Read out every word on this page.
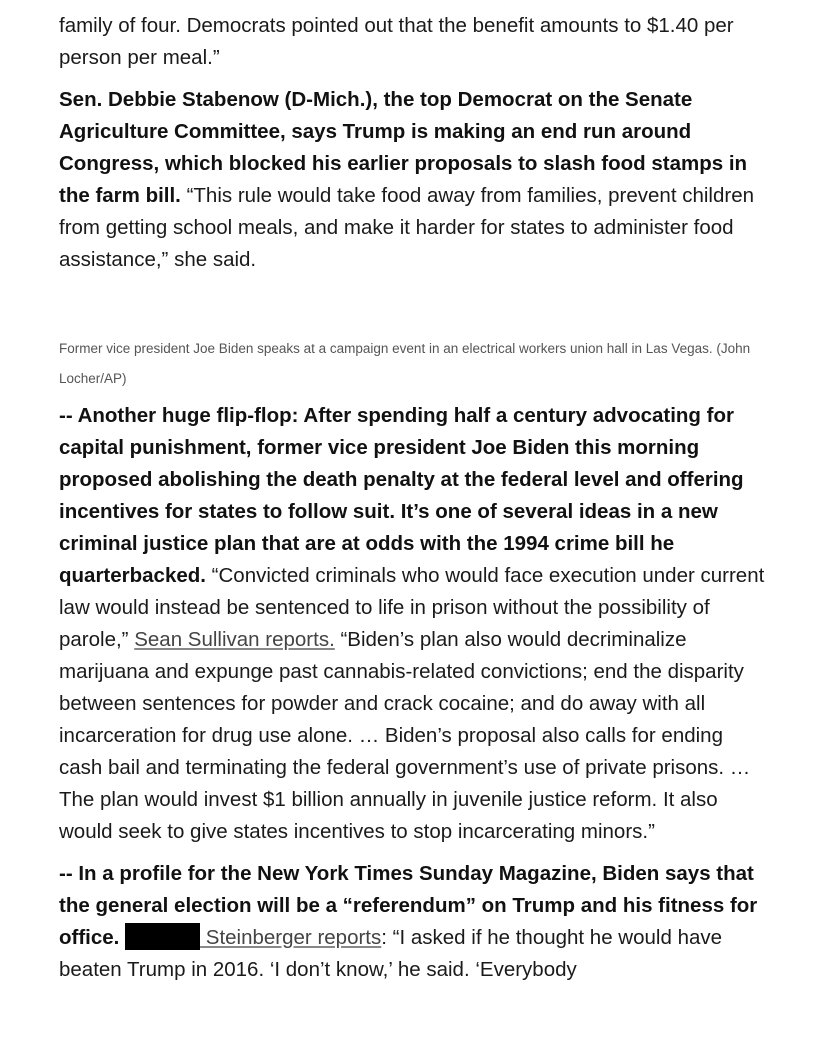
family of four. Democrats pointed out that the benefit amounts to $1.40 per person per meal.”

Sen. Debbie Stabenow (D-Mich.), the top Democrat on the Senate Agriculture Committee, says Trump is making an end run around Congress, which blocked his earlier proposals to slash food stamps in the farm bill. “This rule would take food away from families, prevent children from getting school meals, and make it harder for states to administer food assistance,” she said.

Former vice president Joe Biden speaks at a campaign event in an electrical workers union hall in Las Vegas. (John Locher/AP)

-- Another huge flip-flop: After spending half a century advocating for capital punishment, former vice president Joe Biden this morning proposed abolishing the death penalty at the federal level and offering incentives for states to follow suit. It’s one of several ideas in a new criminal justice plan that are at odds with the 1994 crime bill he quarterbacked. “Convicted criminals who would face execution under current law would instead be sentenced to life in prison without the possibility of parole,” Sean Sullivan reports. “Biden’s plan also would decriminalize marijuana and expunge past cannabis-related convictions; end the disparity between sentences for powder and crack cocaine; and do away with all incarceration for drug use alone. … Biden’s proposal also calls for ending cash bail and terminating the federal government’s use of private prisons. … The plan would invest $1 billion annually in juvenile justice reform. It also would seek to give states incentives to stop incarcerating minors.”

-- In a profile for the New York Times Sunday Magazine, Biden says that the general election will be a “referendum” on Trump and his fitness for office.	Steinberger reports: “I asked if he thought he would have beaten Trump in 2016. ‘I don’t know,’ he said. ‘Everybody
